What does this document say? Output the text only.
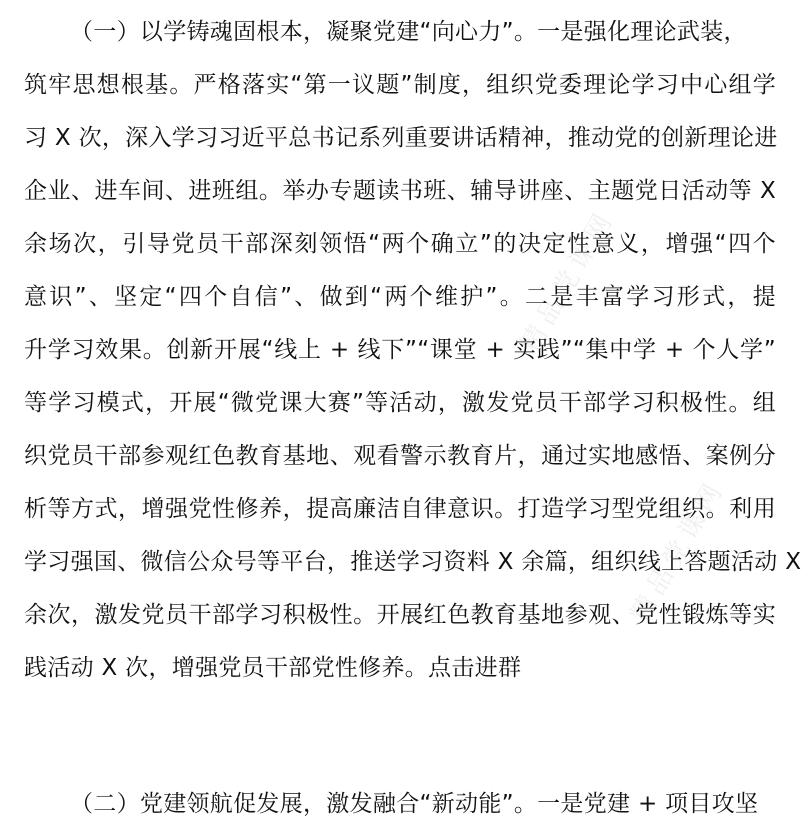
（一）以学铸魂固根本，凝聚党建“向心力”。一是强化理论武装，
筑牢思想根基。严格落实“第一议题”制度，组织党委理论学习中心组学
习 X 次，深入学习习近平总书记系列重要讲话精神，推动党的创新理论进
企业、进车间、进班组。举办专题读书班、辅导讲座、主题党日活动等 X
余场次，引导党员干部深刻领悟“两个确立”的决定性意义，增强“四个
意识”、坚定“四个自信”、做到“两个维护”。二是丰富学习形式，提
升学习效果。创新开展“线上 + 线下”“课堂 + 实践”“集中学 + 个人学”
等学习模式，开展“微党课大赛”等活动，激发党员干部学习积极性。组
织党员干部参观红色教育基地、观看警示教育片，通过实地感悟、案例分
析等方式，增强党性修养，提高廉洁自律意识。打造学习型党组织。利用
学习强国、微信公众号等平台，推送学习资料 X 余篇，组织线上答题活动 X
余次，激发党员干部学习积极性。开展红色教育基地参观、党性锻炼等实
践活动 X 次，增强党员干部党性修养。点击进群
（二）党建领航促发展，激发融合“新动能”。一是党建 + 项目攻坚
精品党课网
精品党课网
